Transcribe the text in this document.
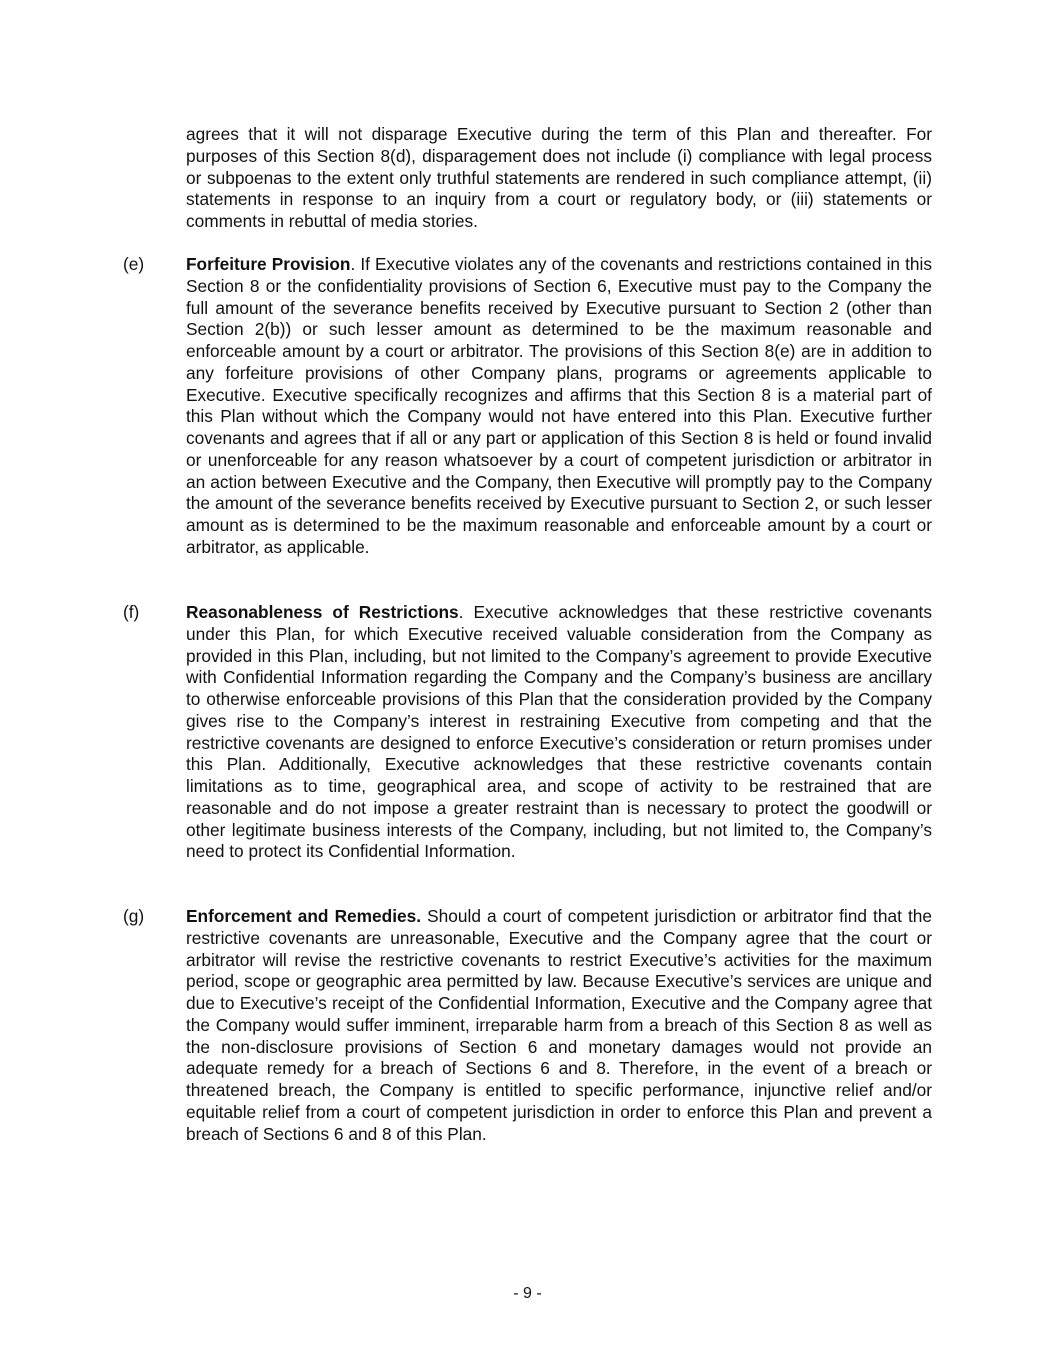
agrees that it will not disparage Executive during the term of this Plan and thereafter. For purposes of this Section 8(d), disparagement does not include (i) compliance with legal process or subpoenas to the extent only truthful statements are rendered in such compliance attempt, (ii) statements in response to an inquiry from a court or regulatory body, or (iii) statements or comments in rebuttal of media stories.

(e) Forfeiture Provision. If Executive violates any of the covenants and restrictions contained in this Section 8 or the confidentiality provisions of Section 6, Executive must pay to the Company the full amount of the severance benefits received by Executive pursuant to Section 2 (other than Section 2(b)) or such lesser amount as determined to be the maximum reasonable and enforceable amount by a court or arbitrator. The provisions of this Section 8(e) are in addition to any forfeiture provisions of other Company plans, programs or agreements applicable to Executive. Executive specifically recognizes and affirms that this Section 8 is a material part of this Plan without which the Company would not have entered into this Plan. Executive further covenants and agrees that if all or any part or application of this Section 8 is held or found invalid or unenforceable for any reason whatsoever by a court of competent jurisdiction or arbitrator in an action between Executive and the Company, then Executive will promptly pay to the Company the amount of the severance benefits received by Executive pursuant to Section 2, or such lesser amount as is determined to be the maximum reasonable and enforceable amount by a court or arbitrator, as applicable.

(f)	Reasonableness of Restrictions. Executive acknowledges that these restrictive covenants under this Plan, for which Executive received valuable consideration from the Company as provided in this Plan, including, but not limited to the Company’s agreement to provide Executive with Confidential Information regarding the Company and the Company’s business are ancillary to otherwise enforceable provisions of this Plan that the consideration provided by the Company gives rise to the Company’s interest in restraining Executive from competing and that the restrictive covenants are designed to enforce Executive’s consideration or return promises under this Plan. Additionally, Executive acknowledges that these restrictive covenants contain limitations as to time, geographical area, and scope of activity to be restrained that are reasonable and do not impose a greater restraint than is necessary to protect the goodwill or other legitimate business interests of the Company, including, but not limited to, the Company’s need to protect its Confidential Information.

(g) Enforcement and Remedies. Should a court of competent jurisdiction or arbitrator find that the restrictive covenants are unreasonable, Executive and the Company agree that the court or arbitrator will revise the restrictive covenants to restrict Executive’s activities for the maximum period, scope or geographic area permitted by law. Because Executive’s services are unique and due to Executive’s receipt of the Confidential Information, Executive and the Company agree that the Company would suffer imminent, irreparable harm from a breach of this Section 8 as well as the non-disclosure provisions of Section 6 and monetary damages would not provide an adequate remedy for a breach of Sections 6 and 8. Therefore, in the event of a breach or threatened breach, the Company is entitled to specific performance, injunctive relief and/or equitable relief from a court of competent jurisdiction in order to enforce this Plan and prevent a breach of Sections 6 and 8 of this Plan.

- 9 -
